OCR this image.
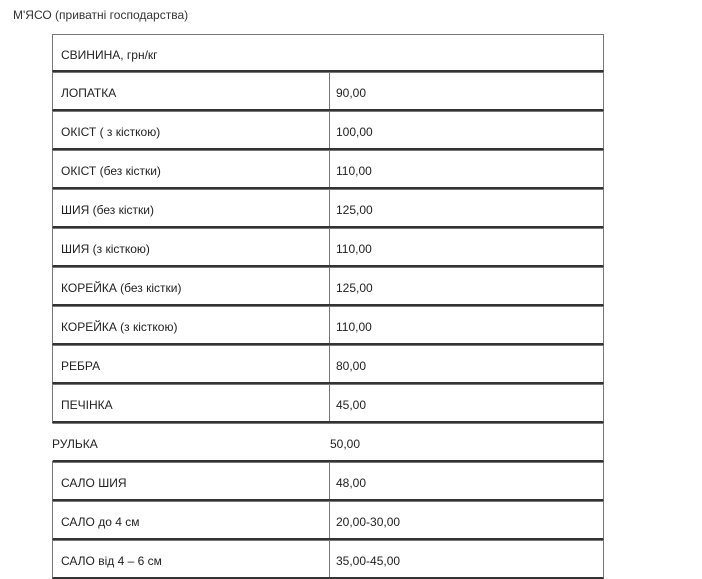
М'ЯСО (приватні господарства)
СВИНИНА, грн/кг
ЛОПАТКА	90,00
ОКІСТ ( з кісткою)	100,00
ОКІСТ (без кістки)	110,00
ШИЯ (без кістки)	125,00
ШИЯ (з кісткою)	110,00
КОРЕЙКА (без кістки)	125,00
КОРЕЙКА (з кісткою)	110,00
РЕБРА	80,00
ПЕЧІНКА	45,00
РУЛЬКА	50,00
САЛО ШИЯ	48,00
САЛО до 4 см	20,00-30,00
САЛО від 4 – 6 см	35,00-45,00
